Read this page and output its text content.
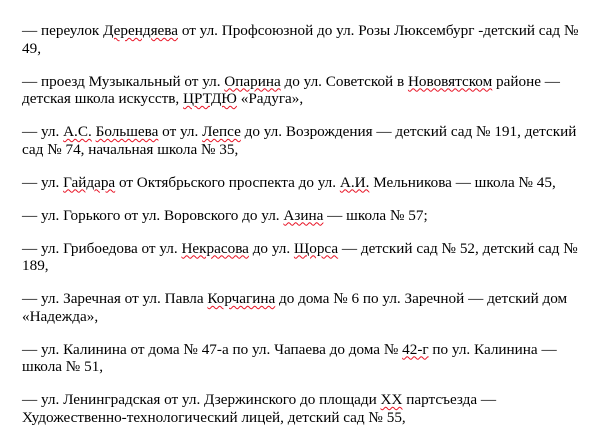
— переулок Дерендяева от ул. Профсоюзной до ул. Розы Люксембург -детский сад № 49,

— проезд Музыкальный от ул. Опарина до ул. Советской в Нововятском районе — детская школа искусств, ЦРТДЮ «Радуга»,

— ул. А.С. Большева от ул. Лепсе до ул. Возрождения — детский сад № 191, детский сад № 74, начальная школа № 35,

— ул. Гайдара от Октябрьского проспекта до ул. А.И. Мельникова — школа № 45,

— ул. Горького от ул. Воровского до ул. Азина — школа № 57;

— ул. Грибоедова от ул. Некрасова до ул. Щорса — детский сад № 52, детский сад № 189,

— ул. Заречная от ул. Павла Корчагина до дома № 6 по ул. Заречной — детский дом «Надежда»,

— ул. Калинина от дома № 47-а по ул. Чапаева до дома № 42-г по ул. Калинина — школа № 51,

— ул. Ленинградская от ул. Дзержинского до площади XX партсъезда — Художественно-технологический лицей, детский сад № 55,
